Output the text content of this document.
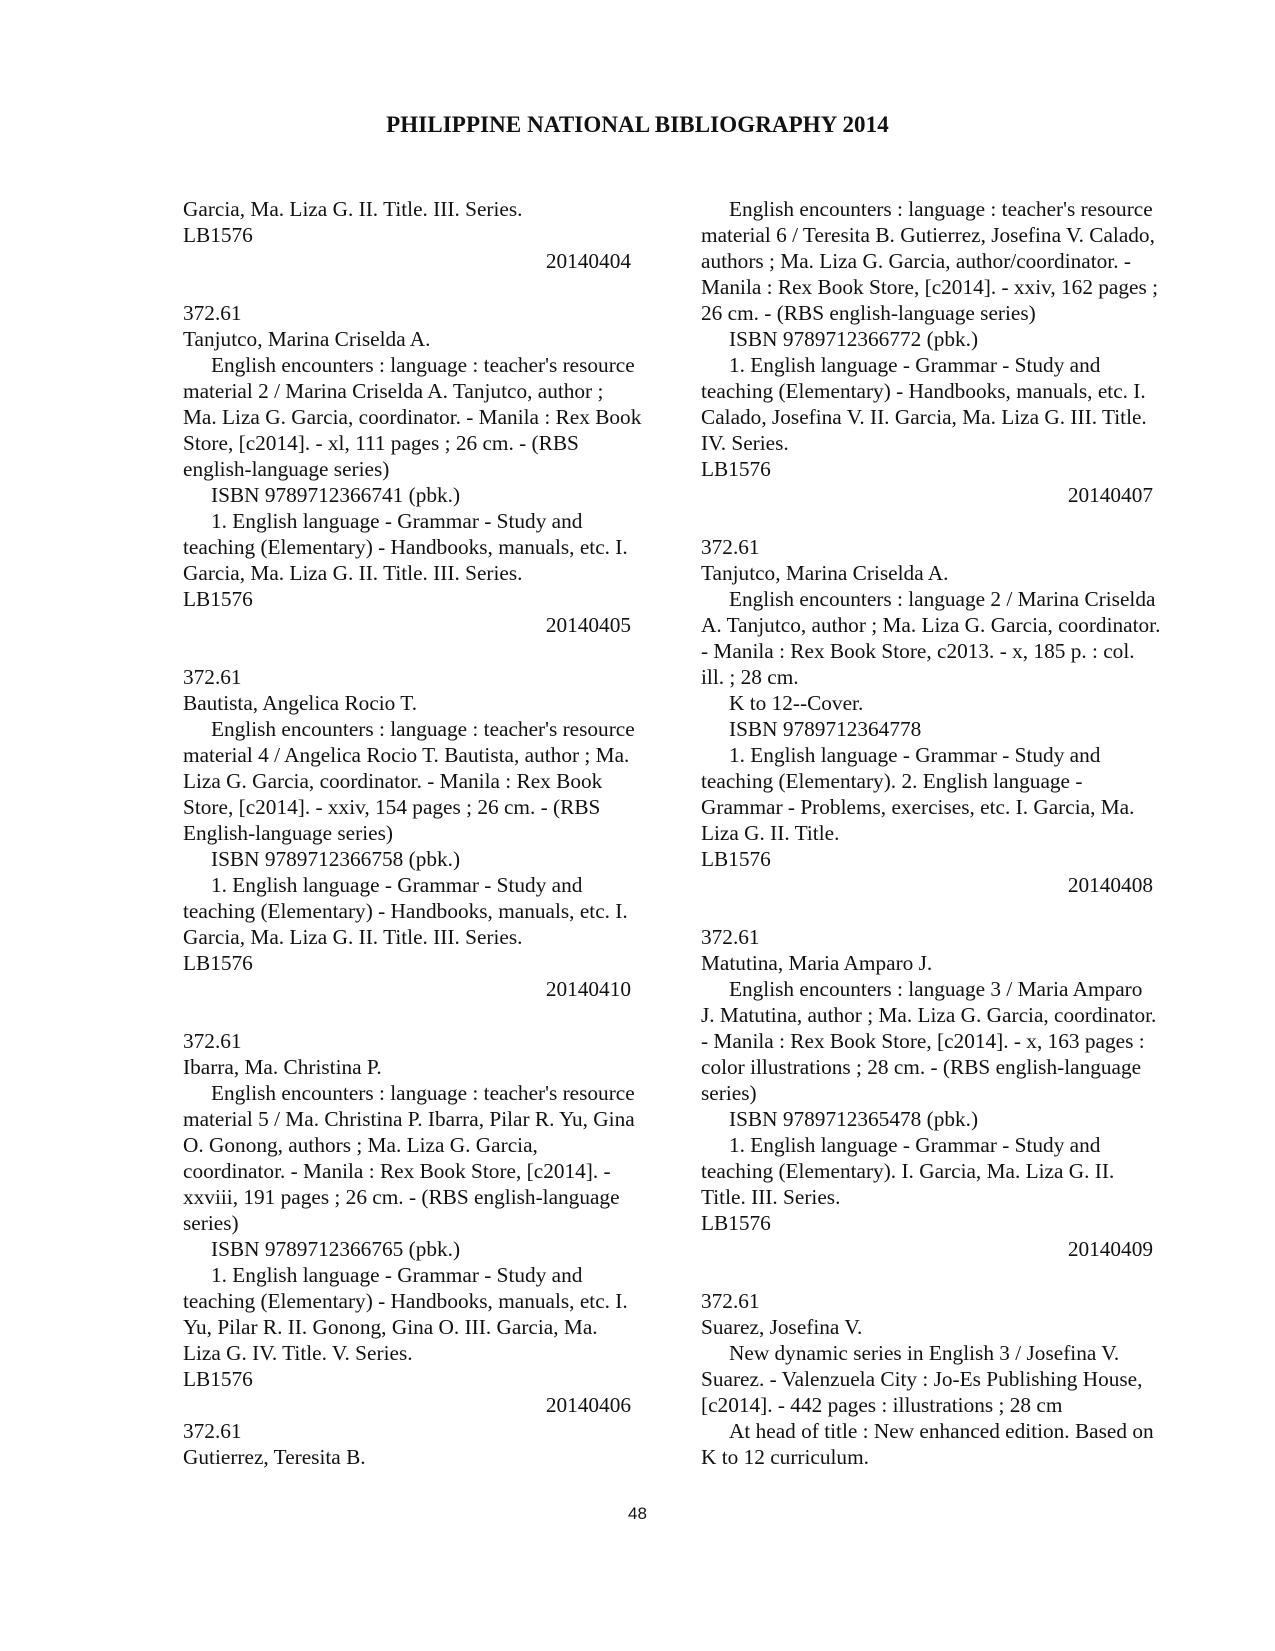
PHILIPPINE NATIONAL BIBLIOGRAPHY 2014
Garcia, Ma. Liza G. II. Title. III. Series.
LB1576
20140404
372.61
Tanjutco, Marina Criselda A.
English encounters : language : teacher's resource
material 2 / Marina Criselda A. Tanjutco, author ;
Ma. Liza G. Garcia, coordinator. - Manila : Rex Book
Store, [c2014]. - xl, 111 pages ; 26 cm. - (RBS
english-language series)
ISBN 9789712366741 (pbk.)
1. English language - Grammar - Study and
teaching (Elementary) - Handbooks, manuals, etc. I.
Garcia, Ma. Liza G. II. Title. III. Series.
LB1576
20140405
372.61
Bautista, Angelica Rocio T.
English encounters : language : teacher's resource
material 4 / Angelica Rocio T. Bautista, author ; Ma.
Liza G. Garcia, coordinator. - Manila : Rex Book
Store, [c2014]. - xxiv, 154 pages ; 26 cm. - (RBS
English-language series)
ISBN 9789712366758 (pbk.)
1. English language - Grammar - Study and
teaching (Elementary) - Handbooks, manuals, etc. I.
Garcia, Ma. Liza G. II. Title. III. Series.
LB1576
20140410
372.61
Ibarra, Ma. Christina P.
English encounters : language : teacher's resource
material 5 / Ma. Christina P. Ibarra, Pilar R. Yu, Gina
O. Gonong, authors ; Ma. Liza G. Garcia,
coordinator. - Manila : Rex Book Store, [c2014]. -
xxviii, 191 pages ; 26 cm. - (RBS english-language
series)
ISBN 9789712366765 (pbk.)
1. English language - Grammar - Study and
teaching (Elementary) - Handbooks, manuals, etc. I.
Yu, Pilar R. II. Gonong, Gina O. III. Garcia, Ma.
Liza G. IV. Title. V. Series.
LB1576
20140406
372.61
Gutierrez, Teresita B.
English encounters : language : teacher's resource
material 6 / Teresita B. Gutierrez, Josefina V. Calado,
authors ; Ma. Liza G. Garcia, author/coordinator. -
Manila : Rex Book Store, [c2014]. - xxiv, 162 pages ;
26 cm. - (RBS english-language series)
ISBN 9789712366772 (pbk.)
1. English language - Grammar - Study and
teaching (Elementary) - Handbooks, manuals, etc. I.
Calado, Josefina V. II. Garcia, Ma. Liza G. III. Title.
IV. Series.
LB1576
20140407
372.61
Tanjutco, Marina Criselda A.
English encounters : language 2 / Marina Criselda
A. Tanjutco, author ; Ma. Liza G. Garcia, coordinator.
- Manila : Rex Book Store, c2013. - x, 185 p. : col.
ill. ; 28 cm.
K to 12--Cover.
ISBN 9789712364778
1. English language - Grammar - Study and
teaching (Elementary). 2. English language -
Grammar - Problems, exercises, etc. I. Garcia, Ma.
Liza G. II. Title.
LB1576
20140408
372.61
Matutina, Maria Amparo J.
English encounters : language 3 / Maria Amparo
J. Matutina, author ; Ma. Liza G. Garcia, coordinator.
- Manila : Rex Book Store, [c2014]. - x, 163 pages :
color illustrations ; 28 cm. - (RBS english-language
series)
ISBN 9789712365478 (pbk.)
1. English language - Grammar - Study and
teaching (Elementary). I. Garcia, Ma. Liza G. II.
Title. III. Series.
LB1576
20140409
372.61
Suarez, Josefina V.
New dynamic series in English 3 / Josefina V.
Suarez. - Valenzuela City : Jo-Es Publishing House,
[c2014]. - 442 pages : illustrations ; 28 cm
At head of title : New enhanced edition. Based on
K to 12 curriculum.
48
